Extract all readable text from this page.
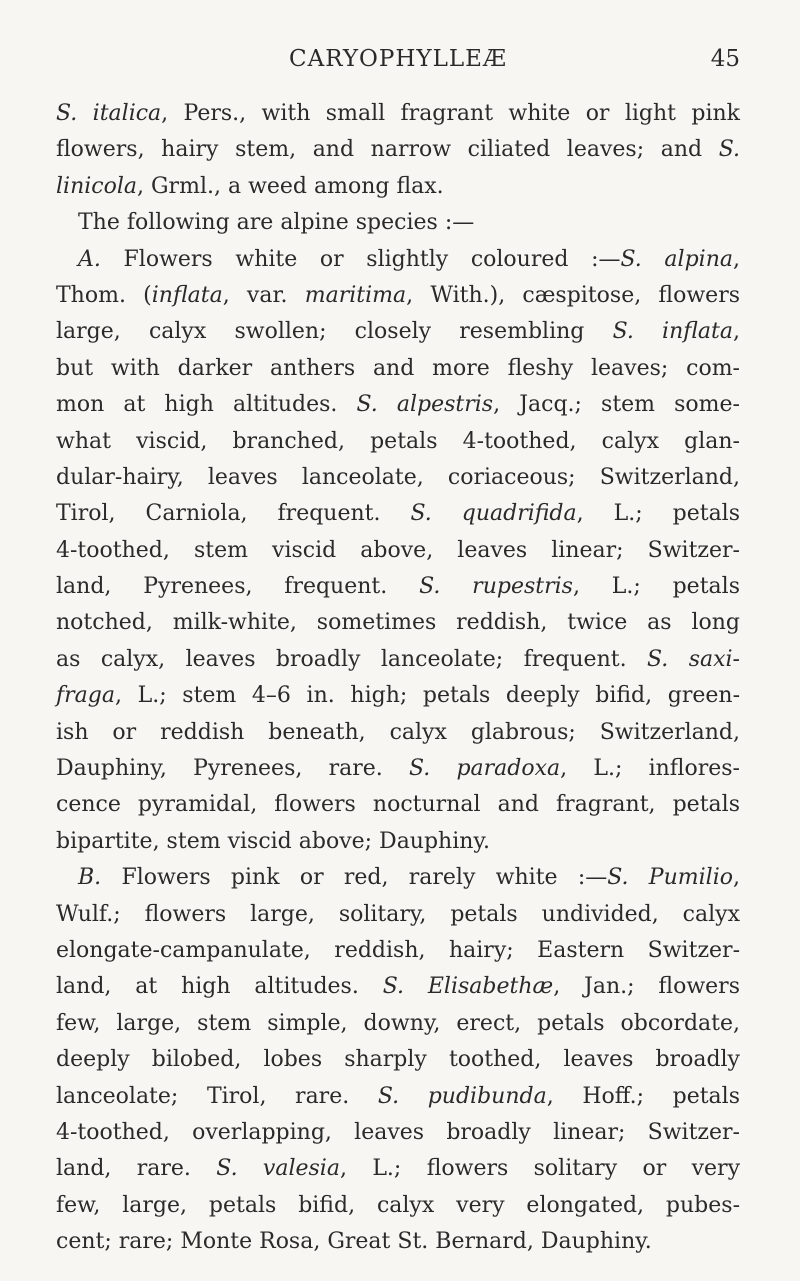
CARYOPHYLLEÆ	45

S. italica, Pers., with small fragrant white or light pink
flowers, hairy stem, and narrow ciliated leaves; and S.
linicola, Grml., a weed among flax.

The following are alpine species :—

A. Flowers white or slightly coloured :—S. alpina,
Thom. (inflata, var. maritima, With.), cæspitose, flowers
large, calyx swollen; closely resembling S. inflata,
but with darker anthers and more fleshy leaves; com-
mon at high altitudes. S. alpestris, Jacq.; stem some-
what viscid, branched, petals 4-toothed, calyx glan-
dular-hairy, leaves lanceolate, coriaceous; Switzerland,
Tirol, Carniola, frequent. S. quadrifida, L.; petals
4-toothed, stem viscid above, leaves linear; Switzer-
land, Pyrenees, frequent. S. rupestris, L.; petals
notched, milk-white, sometimes reddish, twice as long
as calyx, leaves broadly lanceolate; frequent. S. saxi-
fraga, L.; stem 4–6 in. high; petals deeply bifid, green-
ish or reddish beneath, calyx glabrous; Switzerland,
Dauphiny, Pyrenees, rare. S. paradoxa, L.; inflores-
cence pyramidal, flowers nocturnal and fragrant, petals
bipartite, stem viscid above; Dauphiny.

B. Flowers pink or red, rarely white :—S. Pumilio,
Wulf.; flowers large, solitary, petals undivided, calyx
elongate-campanulate, reddish, hairy; Eastern Switzer-
land, at high altitudes. S. Elisabethæ, Jan.; flowers
few, large, stem simple, downy, erect, petals obcordate,
deeply bilobed, lobes sharply toothed, leaves broadly
lanceolate; Tirol, rare. S. pudibunda, Hoff.; petals
4-toothed, overlapping, leaves broadly linear; Switzer-
land, rare. S. valesia, L.; flowers solitary or very
few, large, petals bifid, calyx very elongated, pubes-
cent; rare; Monte Rosa, Great St. Bernard, Dauphiny.
